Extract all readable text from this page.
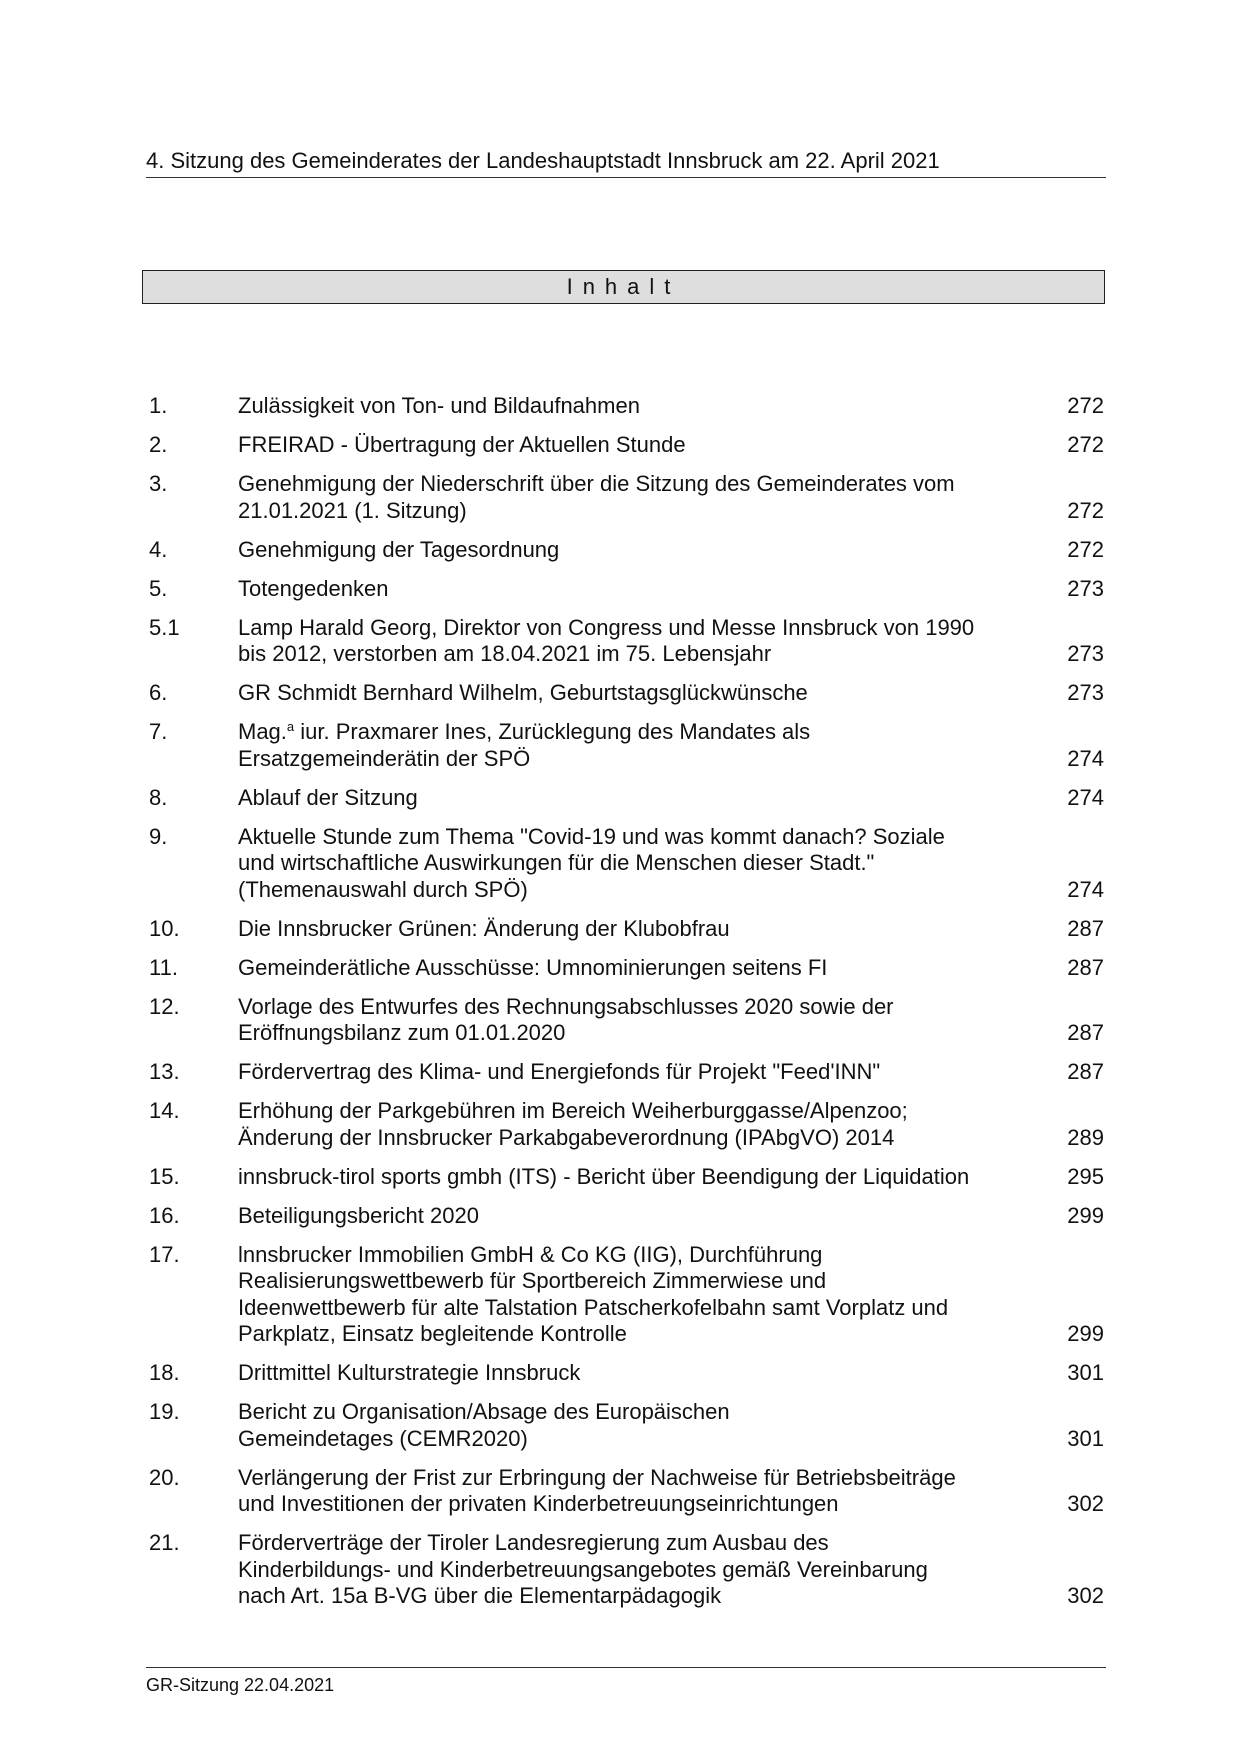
4. Sitzung des Gemeinderates der Landeshauptstadt Innsbruck am 22. April 2021
Inhalt
1.	Zulässigkeit von Ton- und Bildaufnahmen	272
2.	FREIRAD - Übertragung der Aktuellen Stunde	272
3.	Genehmigung der Niederschrift über die Sitzung des Gemeinderates vom
21.01.2021 (1. Sitzung)	272
4.	Genehmigung der Tagesordnung	272
5.	Totengedenken	273
5.1	Lamp Harald Georg, Direktor von Congress und Messe Innsbruck von 1990
bis 2012, verstorben am 18.04.2021 im 75. Lebensjahr	273
6.	GR Schmidt Bernhard Wilhelm, Geburtstagsglückwünsche	273
7.	Mag.$^a$ iur. Praxmarer Ines, Zurücklegung des Mandates als
Ersatzgemeinderätin der SPÖ	274
8.	Ablauf der Sitzung	274
9.	Aktuelle Stunde zum Thema "Covid-19 und was kommt danach? Soziale
und wirtschaftliche Auswirkungen für die Menschen dieser Stadt."
(Themenauswahl durch SPÖ)	274
10.	Die Innsbrucker Grünen: Änderung der Klubobfrau	287
11.	Gemeinderätliche Ausschüsse: Umnominierungen seitens FI	287
12.	Vorlage des Entwurfes des Rechnungsabschlusses 2020 sowie der
Eröffnungsbilanz zum 01.01.2020	287
13.	Fördervertrag des Klima- und Energiefonds für Projekt "Feed'INN"	287
14.	Erhöhung der Parkgebühren im Bereich Weiherburggasse/Alpenzoo;
Änderung der Innsbrucker Parkabgabeverordnung (IPAbgVO) 2014	289
15.	innsbruck-tirol sports gmbh (ITS) - Bericht über Beendigung der Liquidation	295
16.	Beteiligungsbericht 2020	299
17.	lnnsbrucker Immobilien GmbH & Co KG (IIG), Durchführung
Realisierungswettbewerb für Sportbereich Zimmerwiese und
Ideenwettbewerb für alte Talstation Patscherkofelbahn samt Vorplatz und
Parkplatz, Einsatz begleitende Kontrolle	299
18.	Drittmittel Kulturstrategie Innsbruck	301
19.	Bericht zu Organisation/Absage des Europäischen
Gemeindetages (CEMR2020)	301
20.	Verlängerung der Frist zur Erbringung der Nachweise für Betriebsbeiträge
und Investitionen der privaten Kinderbetreuungseinrichtungen	302
21.	Förderverträge der Tiroler Landesregierung zum Ausbau des
Kinderbildungs- und Kinderbetreuungsangebotes gemäß Vereinbarung
nach Art. 15a B-VG über die Elementarpädagogik	302
GR-Sitzung 22.04.2021
